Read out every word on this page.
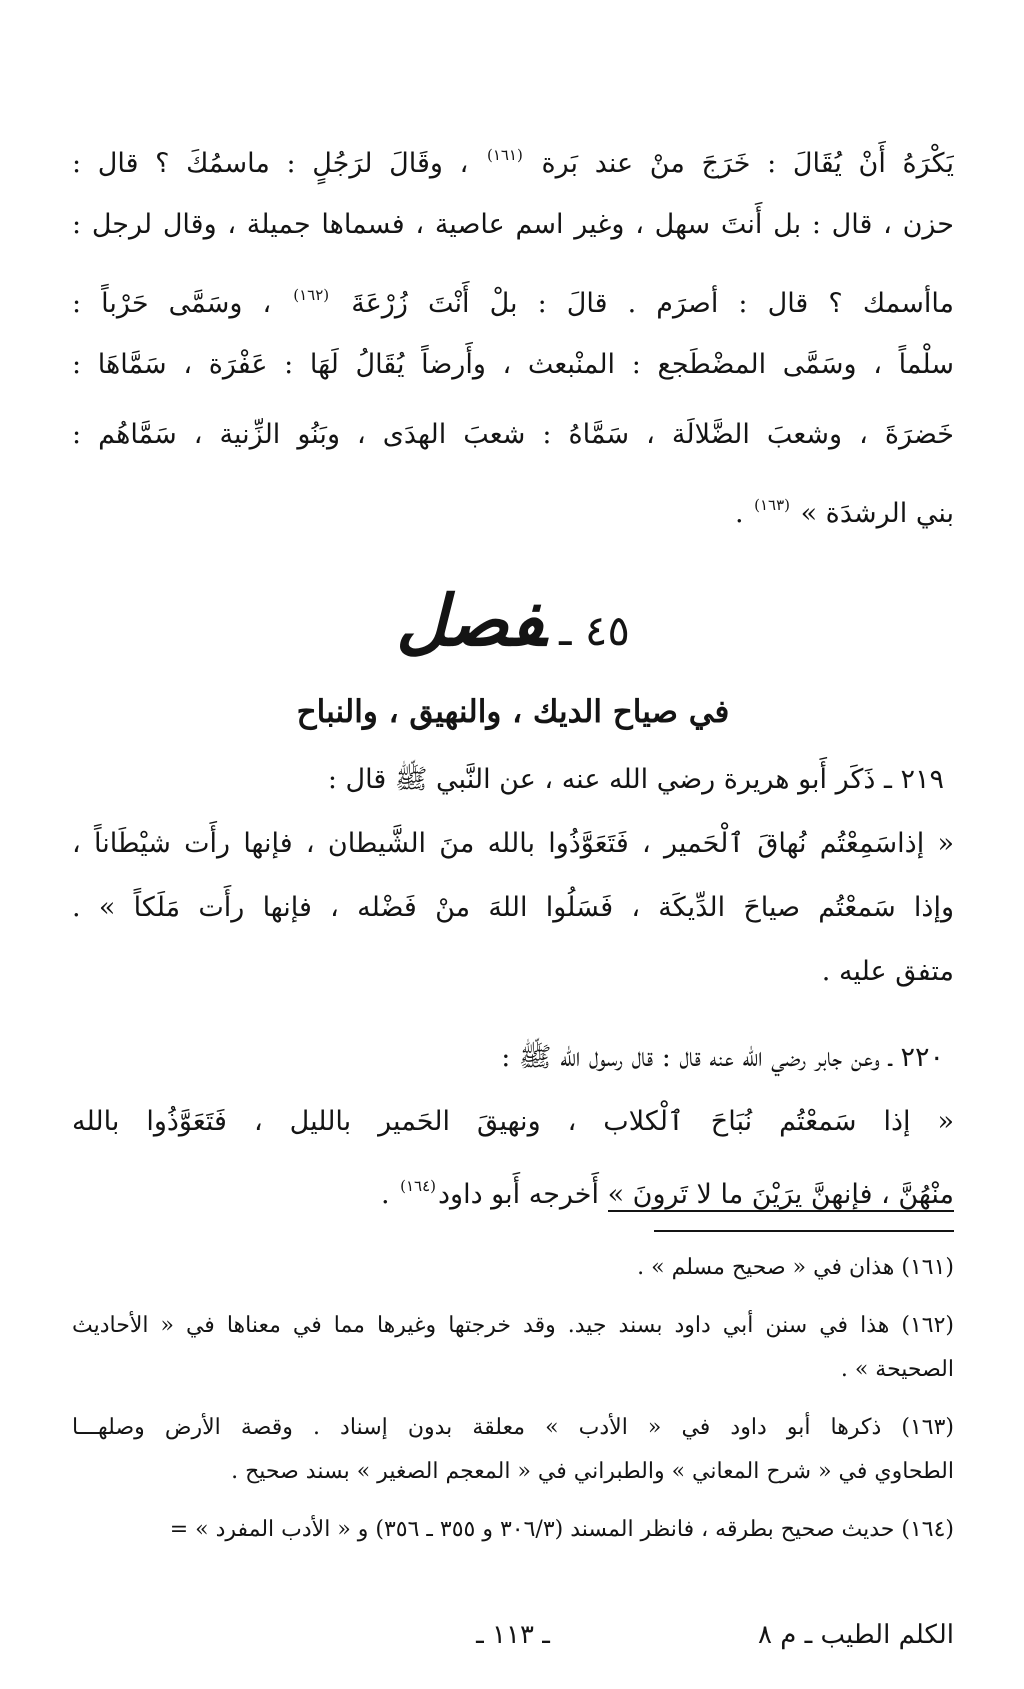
يَكْرَهُ أَنْ يُقَالَ : خَرَجَ منْ عند بَرة $^{(١٦١)}$ ، وقَالَ لرَجُلٍ : ماسمُكَ ؟ قال :
حزن ، قال : بل أَنتَ سهل ، وغير اسم عاصية ، فسماها جميلة ، وقال لرجل :
ماأسمك ؟ قال : أصرَم . قالَ : بلْ أَنْتَ زُرْعَةَ $^{(١٦٢)}$ ، وسَمَّى حَرْباً :
سلْماً ، وسَمَّى المضْطَجع : المنْبعث ، وأَرضاً يُقَالُ لَهَا : عَفْرَة ، سَمَّاهَا :
خَضرَةَ ، وشعبَ الضَّلالَة ، سَمَّاهُ : شعبَ الهدَى ، وبَنُو الزِّنية ، سَمَّاهُم :
بني الرشدَة » $^{(١٦٣)}$ .
٤٥ ـفصل
في صياح الديك ، والنهيق ، والنباح
٢١٩ ـ ذَكَر أَبو هريرة رضي الله عنه ، عن النَّبي ﷺ قال :
« إذاسَمِعْتُم نُهاقَ ٱلْحَمير ، فَتَعَوَّذُوا بالله منَ الشَّيطان ، فإنها رأَت شيْطَاناً ،
وإذا سَمعْتُم صياحَ الدِّيكَة ، فَسَلُوا اللهَ منْ فَضْله ، فإنها رأَت مَلَكاً » .
متفق عليه .
٢٢٠ ـ وعن جابر رضي الله عنه قال : قال رسول الله ﷺ :
« إذا سَمعْتُم نُبَاحَ ٱلْكلاب ، ونهيقَ الحَمير بالليل ، فَتَعَوَّذُوا بالله
منْهُنَّ ، فإنهنَّ يرَيْنَ ما لا تَرونَ » أَخرجه أَبو داود$^{(١٦٤)}$ .
(١٦١) هذان في « صحيح مسلم » .
(١٦٢) هذا في سنن أبي داود بسند جيد. وقد خرجتها وغيرها مما في معناها في « الأحاديث
الصحيحة » .
(١٦٣) ذكرها أبو داود في « الأدب » معلقة بدون إسناد . وقصة الأرض وصلهـــا
الطحاوي في « شرح المعاني » والطبراني في « المعجم الصغير » بسند صحيح .
(١٦٤) حديث صحيح بطرقه ، فانظر المسند (٣٠٦/٣ و ٣٥٥ ـ ٣٥٦) و « الأدب المفرد » =
الكلم الطيب ـ م ٨
ـ ١١٣ ـ
